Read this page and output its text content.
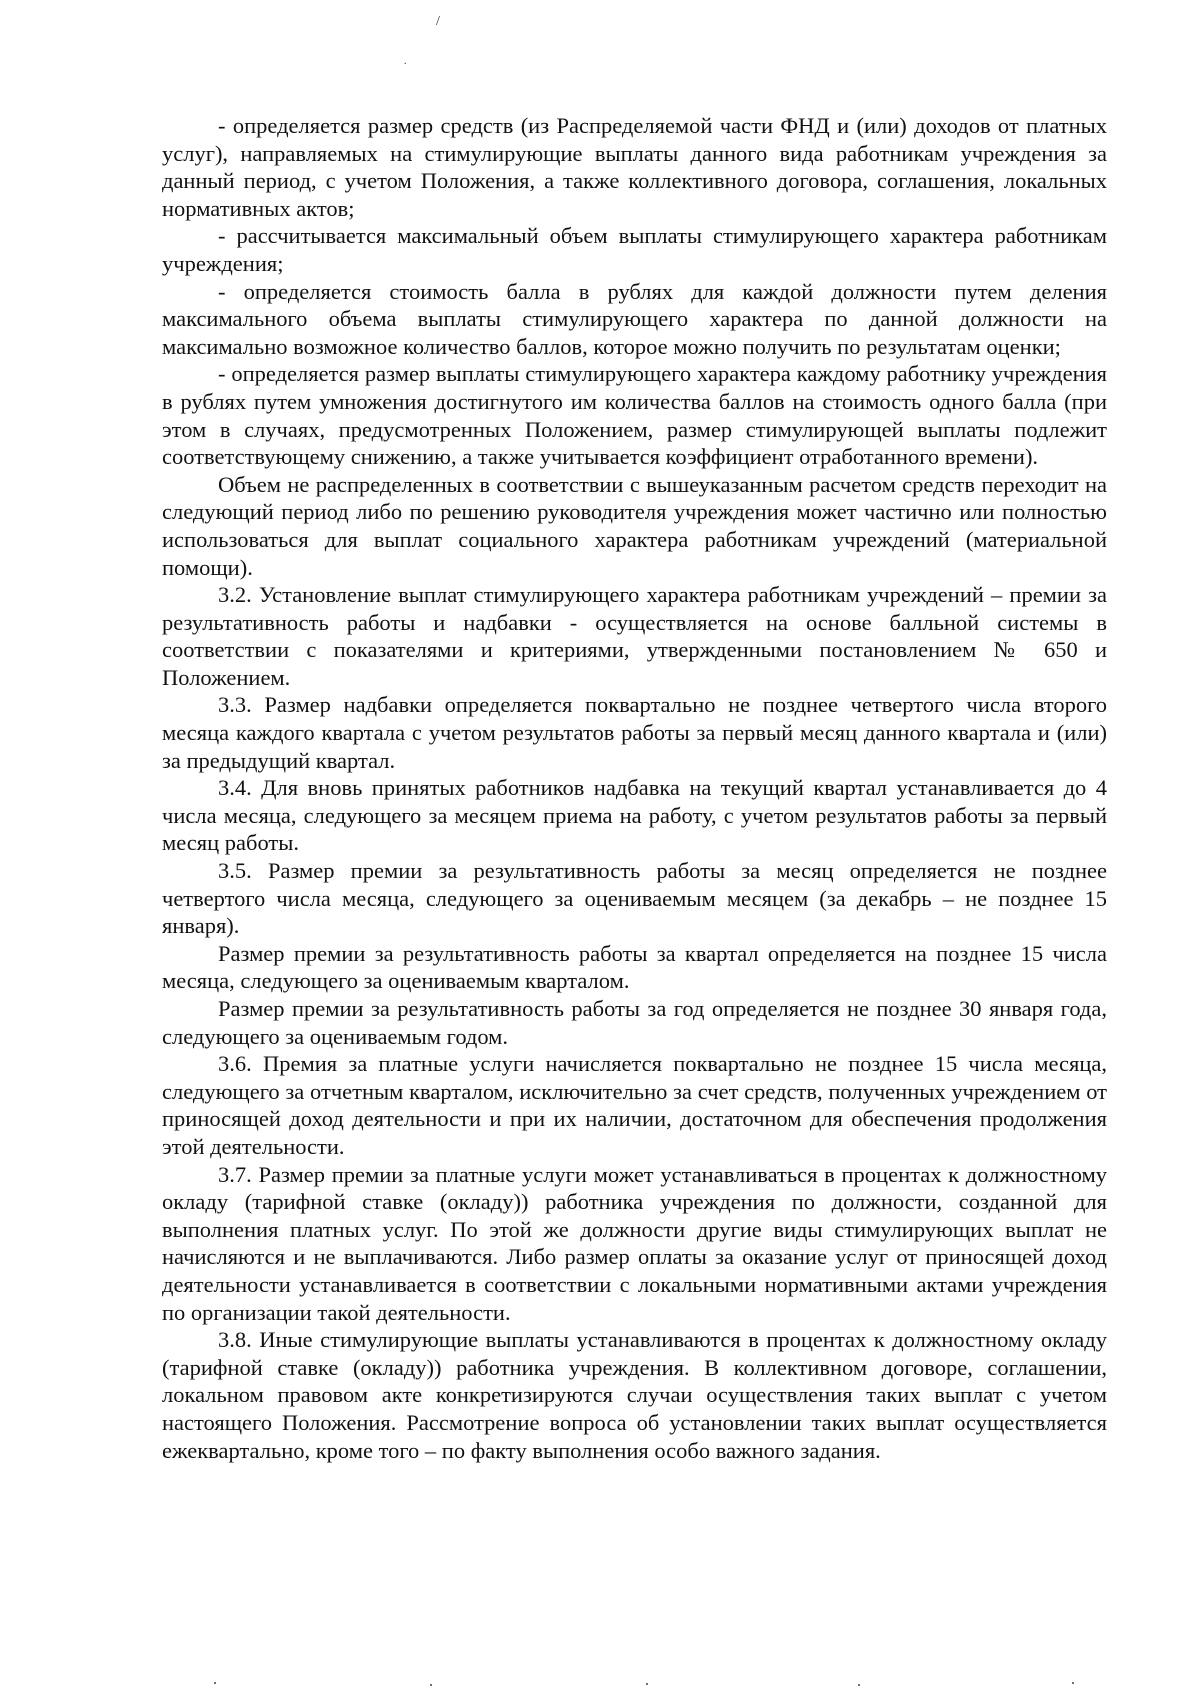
/
.

- определяется размер средств (из Распределяемой части ФНД и (или) доходов от платных услуг), направляемых на стимулирующие выплаты данного вида работникам учреждения за данный период, с учетом Положения, а также коллективного договора, соглашения, локальных нормативных актов;

- рассчитывается максимальный объем выплаты стимулирующего характера работникам учреждения;

- определяется стоимость балла в рублях для каждой должности путем деления максимального объема выплаты стимулирующего характера по данной должности на максимально возможное количество баллов, которое можно получить по результатам оценки;

- определяется размер выплаты стимулирующего характера каждому работнику учреждения в рублях путем умножения достигнутого им количества баллов на стоимость одного балла (при этом в случаях, предусмотренных Положением, размер стимулирующей выплаты подлежит соответствующему снижению, а также учитывается коэффициент отработанного времени).

Объем не распределенных в соответствии с вышеуказанным расчетом средств переходит на следующий период либо по решению руководителя учреждения может частично или полностью использоваться для выплат социального характера работникам учреждений (материальной помощи).

3.2. Установление выплат стимулирующего характера работникам учреждений – премии за результативность работы и надбавки - осуществляется на основе балльной системы в соответствии с показателями и критериями, утвержденными постановлением № 650 и Положением.

3.3. Размер надбавки определяется поквартально не позднее четвертого числа второго месяца каждого квартала с учетом результатов работы за первый месяц данного квартала и (или) за предыдущий квартал.

3.4. Для вновь принятых работников надбавка на текущий квартал устанавливается до 4 числа месяца, следующего за месяцем приема на работу, с учетом результатов работы за первый месяц работы.

3.5. Размер премии за результативность работы за месяц определяется не позднее четвертого числа месяца, следующего за оцениваемым месяцем (за декабрь – не позднее 15 января).

Размер премии за результативность работы за квартал определяется на позднее 15 числа месяца, следующего за оцениваемым кварталом.

Размер премии за результативность работы за год определяется не позднее 30 января года, следующего за оцениваемым годом.

3.6. Премия за платные услуги начисляется поквартально не позднее 15 числа месяца, следующего за отчетным кварталом, исключительно за счет средств, полученных учреждением от приносящей доход деятельности и при их наличии, достаточном для обеспечения продолжения этой деятельности.

3.7. Размер премии за платные услуги может устанавливаться в процентах к должностному окладу (тарифной ставке (окладу)) работника учреждения по должности, созданной для выполнения платных услуг. По этой же должности другие виды стимулирующих выплат не начисляются и не выплачиваются. Либо размер оплаты за оказание услуг от приносящей доход деятельности устанавливается в соответствии с локальными нормативными актами учреждения по организации такой деятельности.

3.8. Иные стимулирующие выплаты устанавливаются в процентах к должностному окладу (тарифной ставке (окладу)) работника учреждения. В коллективном договоре, соглашении, локальном правовом акте конкретизируются случаи осуществления таких выплат с учетом настоящего Положения. Рассмотрение вопроса об установлении таких выплат осуществляется ежеквартально, кроме того – по факту выполнения особо важного задания.
